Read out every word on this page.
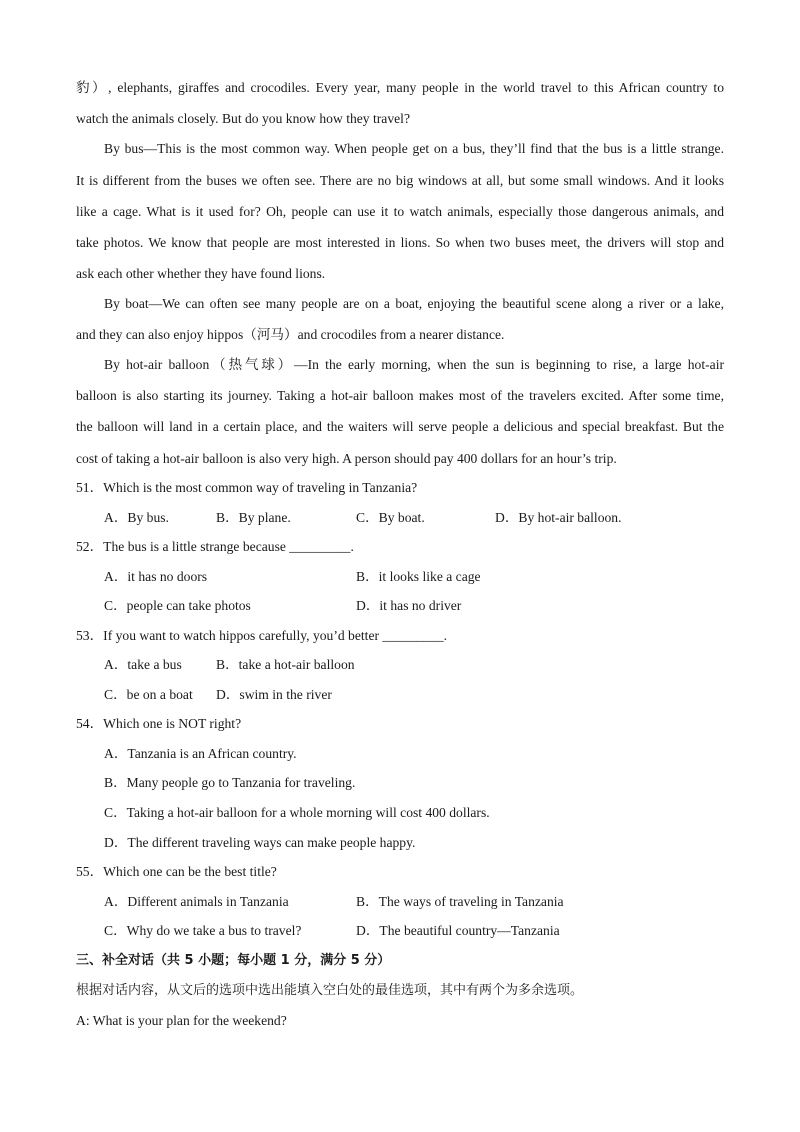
豹）, elephants, giraffes and crocodiles. Every year, many people in the world travel to this African country to
watch the animals closely. But do you know how they travel?
By bus—This is the most common way. When people get on a bus, they’ll find that the bus is a little strange.
It is different from the buses we often see. There are no big windows at all, but some small windows. And it looks
like a cage. What is it used for? Oh, people can use it to watch animals, especially those dangerous animals, and
take photos. We know that people are most interested in lions. So when two buses meet, the drivers will stop and
ask each other whether they have found lions.
By boat—We can often see many people are on a boat, enjoying the beautiful scene along a river or a lake,
and they can also enjoy hippos（河马）and crocodiles from a nearer distance.
By hot-air balloon（热气球）—In the early morning, when the sun is beginning to rise, a large hot-air
balloon is also starting its journey. Taking a hot-air balloon makes most of the travelers excited. After some time,
the balloon will land in a certain place, and the waiters will serve people a delicious and special breakfast. But the
cost of taking a hot-air balloon is also very high. A person should pay 400 dollars for an hour’s trip.
51．Which is the most common way of traveling in Tanzania?
A．By bus.	B．By plane.	C．By boat.	D．By hot-air balloon.
52．The bus is a little strange because _________.
A．it has no doors	B．it looks like a cage
C．people can take photos	D．it has no driver
53．If you want to watch hippos carefully, you’d better _________.
A．take a bus	B．take a hot-air balloon
C．be on a boat D．swim in the river
54．Which one is NOT right?
A．Tanzania is an African country.
B．Many people go to Tanzania for traveling.
C．Taking a hot-air balloon for a whole morning will cost 400 dollars.
D．The different traveling ways can make people happy.
55．Which one can be the best title?
A．Different animals in Tanzania	B．The ways of traveling in Tanzania
C．Why do we take a bus to travel?	D．The beautiful country—Tanzania
三、补全对话（共 5 小题；每小题 1 分，满分 5 分）
根据对话内容，从文后的选项中选出能填入空白处的最佳选项，其中有两个为多余选项。
A: What is your plan for the weekend?
